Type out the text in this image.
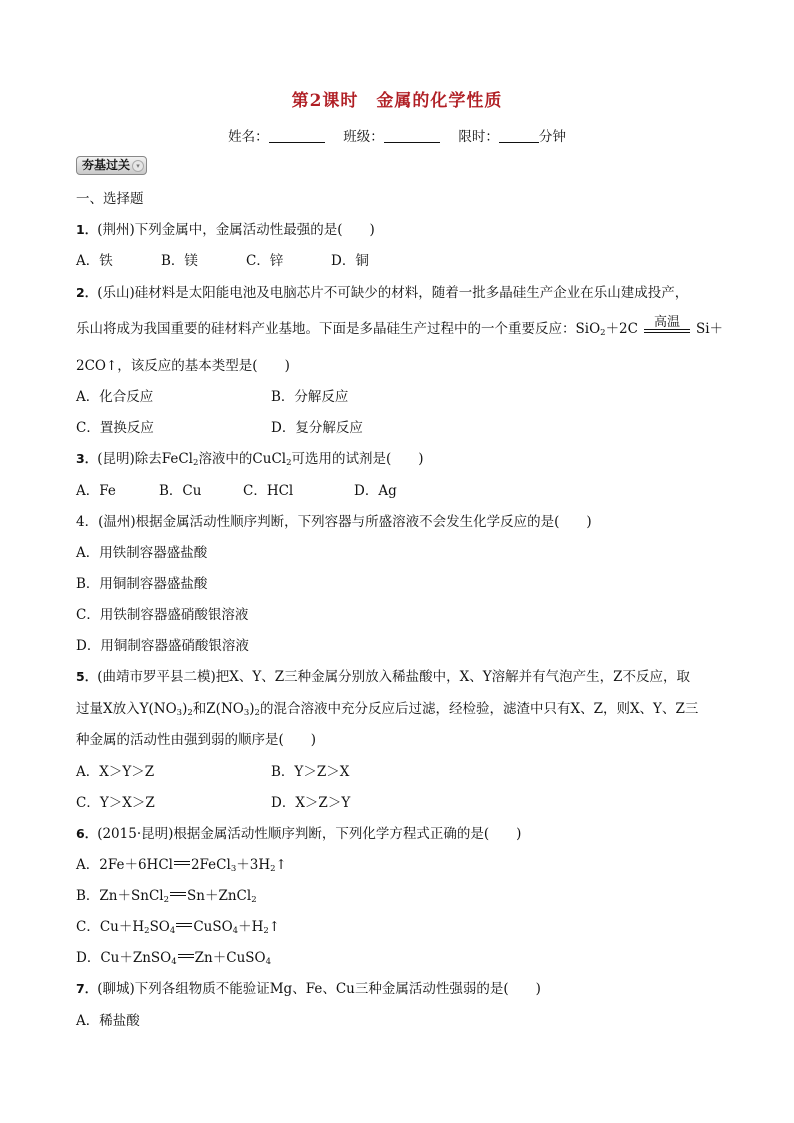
第2课时　金属的化学性质
姓名：	班级：	限时：	分钟
夯基过关 ▾
一、选择题
1．(荆州)下列金属中，金属活动性最强的是(　　)
A．铁	B．镁	C．锌	D．铜
2．(乐山)硅材料是太阳能电池及电脑芯片不可缺少的材料，随着一批多晶硅生产企业在乐山建成投产，
乐山将成为我国重要的硅材料产业基地。下面是多晶硅生产过程中的一个重要反应：SiO$_2$＋2C	高温	Si＋
2CO↑，该反应的基本类型是(　　)
A．化合反应	B．分解反应
C．置换反应	D．复分解反应
3．(昆明)除去FeCl$_2$溶液中的CuCl$_2$可选用的试剂是(　　)
A．Fe	B．Cu	C．HCl	D．Ag
4．(温州)根据金属活动性顺序判断，下列容器与所盛溶液不会发生化学反应的是(　　)
A．用铁制容器盛盐酸
B．用铜制容器盛盐酸
C．用铁制容器盛硝酸银溶液
D．用铜制容器盛硝酸银溶液
5．(曲靖市罗平县二模)把X、Y、Z三种金属分别放入稀盐酸中，X、Y溶解并有气泡产生，Z不反应，取
过量X放入$Y(NO_3)_2$和$Z(NO_3)_2$的混合溶液中充分反应后过滤，经检验，滤渣中只有X、Z，则X、Y、Z三
种金属的活动性由强到弱的顺序是(　　)
A．X＞Y＞Z	B．Y＞Z＞X
C．Y＞X＞Z	D．X＞Z＞Y
6．(2015·昆明)根据金属活动性顺序判断，下列化学方程式正确的是(　　)
A．2Fe＋6HCl $2FeCl_3+3H_2↑$
B．Zn＋SnCl$_2$ Sn＋ZnCl$_2$
C．$Cu+H_2SO_4$ $CuSO_4+H_2↑$
D．Cu＋ZnSO$_4$ Zn＋CuSO$_4$
7．(聊城)下列各组物质不能验证Mg、Fe、Cu三种金属活动性强弱的是(　　)
A．稀盐酸
